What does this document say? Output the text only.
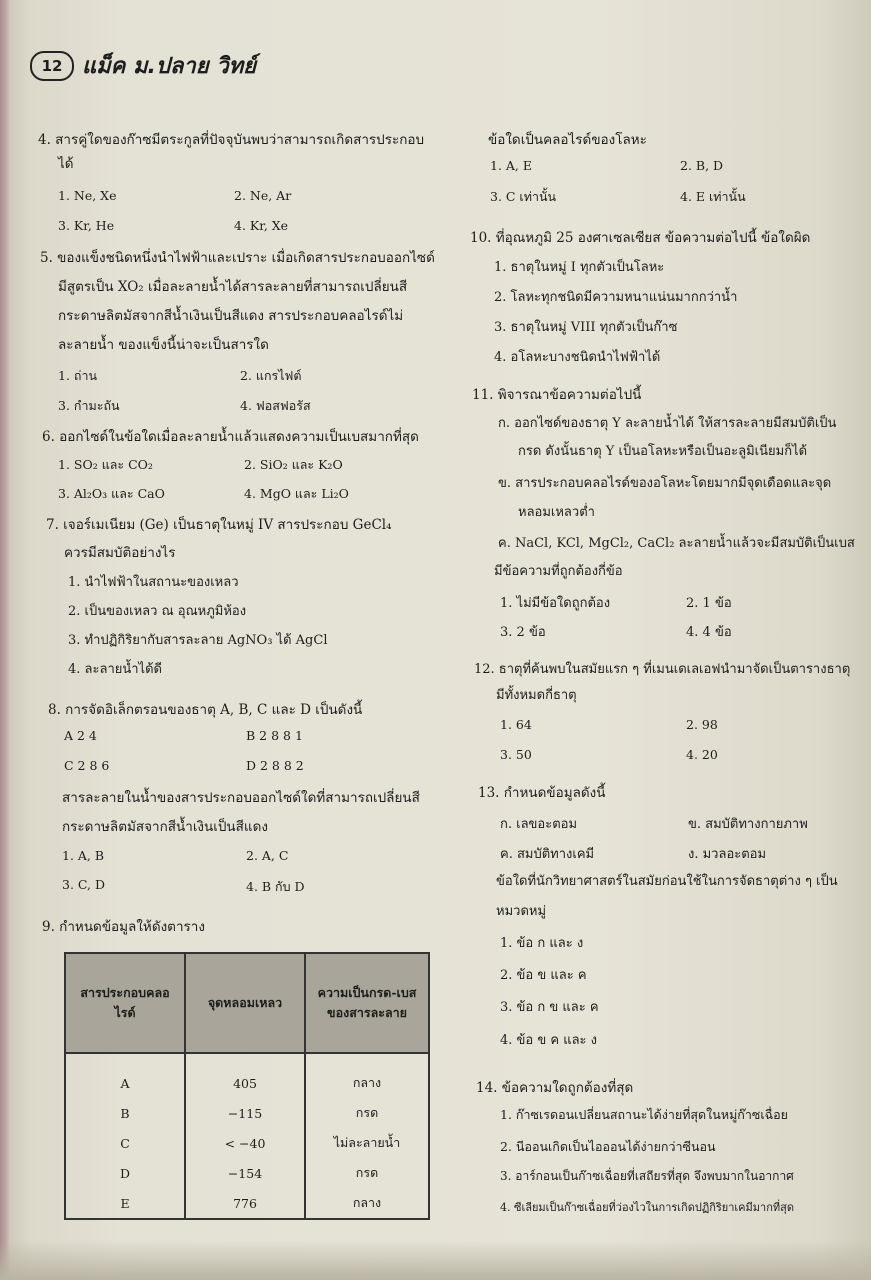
12 แม็ค ม.ปลาย วิทย์
4. สารคู่ใดของก๊าซมีตระกูลที่ปัจจุบันพบว่าสามารถเกิดสารประกอบ
ได้
1. Ne, Xe	2. Ne, Ar
3. Kr, He	4. Kr, Xe
5. ของแข็งชนิดหนึ่งนำไฟฟ้าและเปราะ เมื่อเกิดสารประกอบออกไซด์
มีสูตรเป็น XO₂ เมื่อละลายน้ำได้สารละลายที่สามารถเปลี่ยนสี
กระดาษลิตมัสจากสีน้ำเงินเป็นสีแดง สารประกอบคลอไรด์ไม่
ละลายน้ำ ของแข็งนี้น่าจะเป็นสารใด
1. ถ่าน	2. แกรไฟต์
3. กำมะถัน	4. ฟอสฟอรัส
6. ออกไซด์ในข้อใดเมื่อละลายน้ำแล้วแสดงความเป็นเบสมากที่สุด
1. SO₂ และ CO₂	2. SiO₂ และ K₂O
3. Al₂O₃ และ CaO	4. MgO และ Li₂O
7. เจอร์เมเนียม (Ge) เป็นธาตุในหมู่ IV สารประกอบ GeCl₄
ควรมีสมบัติอย่างไร
1. นำไฟฟ้าในสถานะของเหลว
2. เป็นของเหลว ณ อุณหภูมิห้อง
3. ทำปฏิกิริยากับสารละลาย AgNO₃ ได้ AgCl
4. ละลายน้ำได้ดี
8. การจัดอิเล็กตรอนของธาตุ A, B, C และ D เป็นดังนี้
A 2 4	B 2 8 8 1
C 2 8 6	D 2 8 8 2
สารละลายในน้ำของสารประกอบออกไซด์ใดที่สามารถเปลี่ยนสี
กระดาษลิตมัสจากสีน้ำเงินเป็นสีแดง
1. A, B	2. A, C
3. C, D	4. B กับ D
9. กำหนดข้อมูลให้ดังตาราง
สารประกอบคลอไรด์	จุดหลอมเหลว	ความเป็นกรด-เบสของสารละลาย
A	405	กลาง
B	−115	กรด
C	< −40	ไม่ละลายน้ำ
D	−154	กรด
E	776	กลาง
ข้อใดเป็นคลอไรด์ของโลหะ
1. A, E	2. B, D
3. C เท่านั้น	4. E เท่านั้น
10. ที่อุณหภูมิ 25 องศาเซลเซียส ข้อความต่อไปนี้ ข้อใดผิด
1. ธาตุในหมู่ I ทุกตัวเป็นโลหะ
2. โลหะทุกชนิดมีความหนาแน่นมากกว่าน้ำ
3. ธาตุในหมู่ VIII ทุกตัวเป็นก๊าซ
4. อโลหะบางชนิดนำไฟฟ้าได้
11. พิจารณาข้อความต่อไปนี้
ก. ออกไซด์ของธาตุ Y ละลายน้ำได้ ให้สารละลายมีสมบัติเป็น
กรด ดังนั้นธาตุ Y เป็นอโลหะหรือเป็นอะลูมิเนียมก็ได้
ข. สารประกอบคลอไรด์ของอโลหะโดยมากมีจุดเดือดและจุด
หลอมเหลวต่ำ
ค. NaCl, KCl, MgCl₂, CaCl₂ ละลายน้ำแล้วจะมีสมบัติเป็นเบส
มีข้อความที่ถูกต้องกี่ข้อ
1. ไม่มีข้อใดถูกต้อง	2. 1 ข้อ
3. 2 ข้อ	4. 4 ข้อ
12. ธาตุที่ค้นพบในสมัยแรก ๆ ที่เมนเดเลเอฟนำมาจัดเป็นตารางธาตุ
มีทั้งหมดกี่ธาตุ
1. 64	2. 98
3. 50	4. 20
13. กำหนดข้อมูลดังนี้
ก. เลขอะตอม	ข. สมบัติทางกายภาพ
ค. สมบัติทางเคมี	ง. มวลอะตอม
ข้อใดที่นักวิทยาศาสตร์ในสมัยก่อนใช้ในการจัดธาตุต่าง ๆ เป็น
หมวดหมู่
1. ข้อ ก และ ง
2. ข้อ ข และ ค
3. ข้อ ก ข และ ค
4. ข้อ ข ค และ ง
14. ข้อความใดถูกต้องที่สุด
1. ก๊าซเรดอนเปลี่ยนสถานะได้ง่ายที่สุดในหมู่ก๊าซเฉื่อย
2. นีออนเกิดเป็นไอออนได้ง่ายกว่าซีนอน
3. อาร์กอนเป็นก๊าซเฉื่อยที่เสถียรที่สุด จึงพบมากในอากาศ
4. ซีเลียมเป็นก๊าซเฉื่อยที่ว่องไวในการเกิดปฏิกิริยาเคมีมากที่สุด
